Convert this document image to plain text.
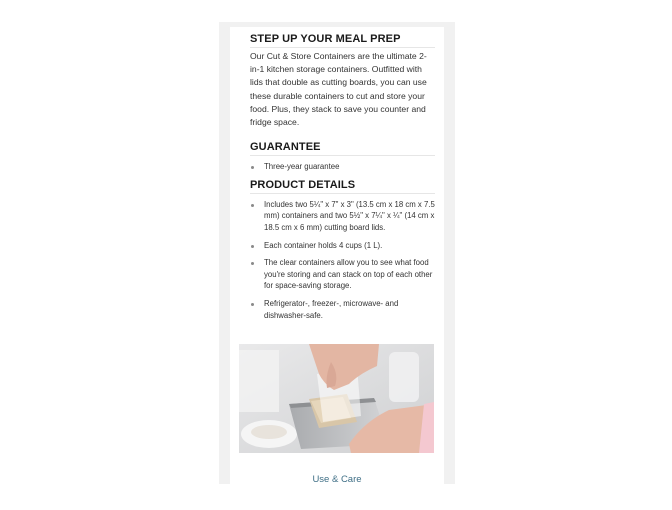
STEP UP YOUR MEAL PREP

Our Cut & Store Containers are the ultimate 2-in-1 kitchen storage containers. Outfitted with lids that double as cutting boards, you can use these durable containers to cut and store your food. Plus, they stack to save you counter and fridge space.

GUARANTEE
Three-year guarantee
PRODUCT DETAILS
Includes two 5¼" x 7" x 3" (13.5 cm x 18 cm x 7.5 mm) containers and two 5½" x 7¼" x ¼" (14 cm x 18.5 cm x 6 mm) cutting board lids.
Each container holds 4 cups (1 L).
The clear containers allow you to see what food you're storing and can stack on top of each other for space-saving storage.
Refrigerator-, freezer-, microwave- and dishwasher-safe.
Use & Care
